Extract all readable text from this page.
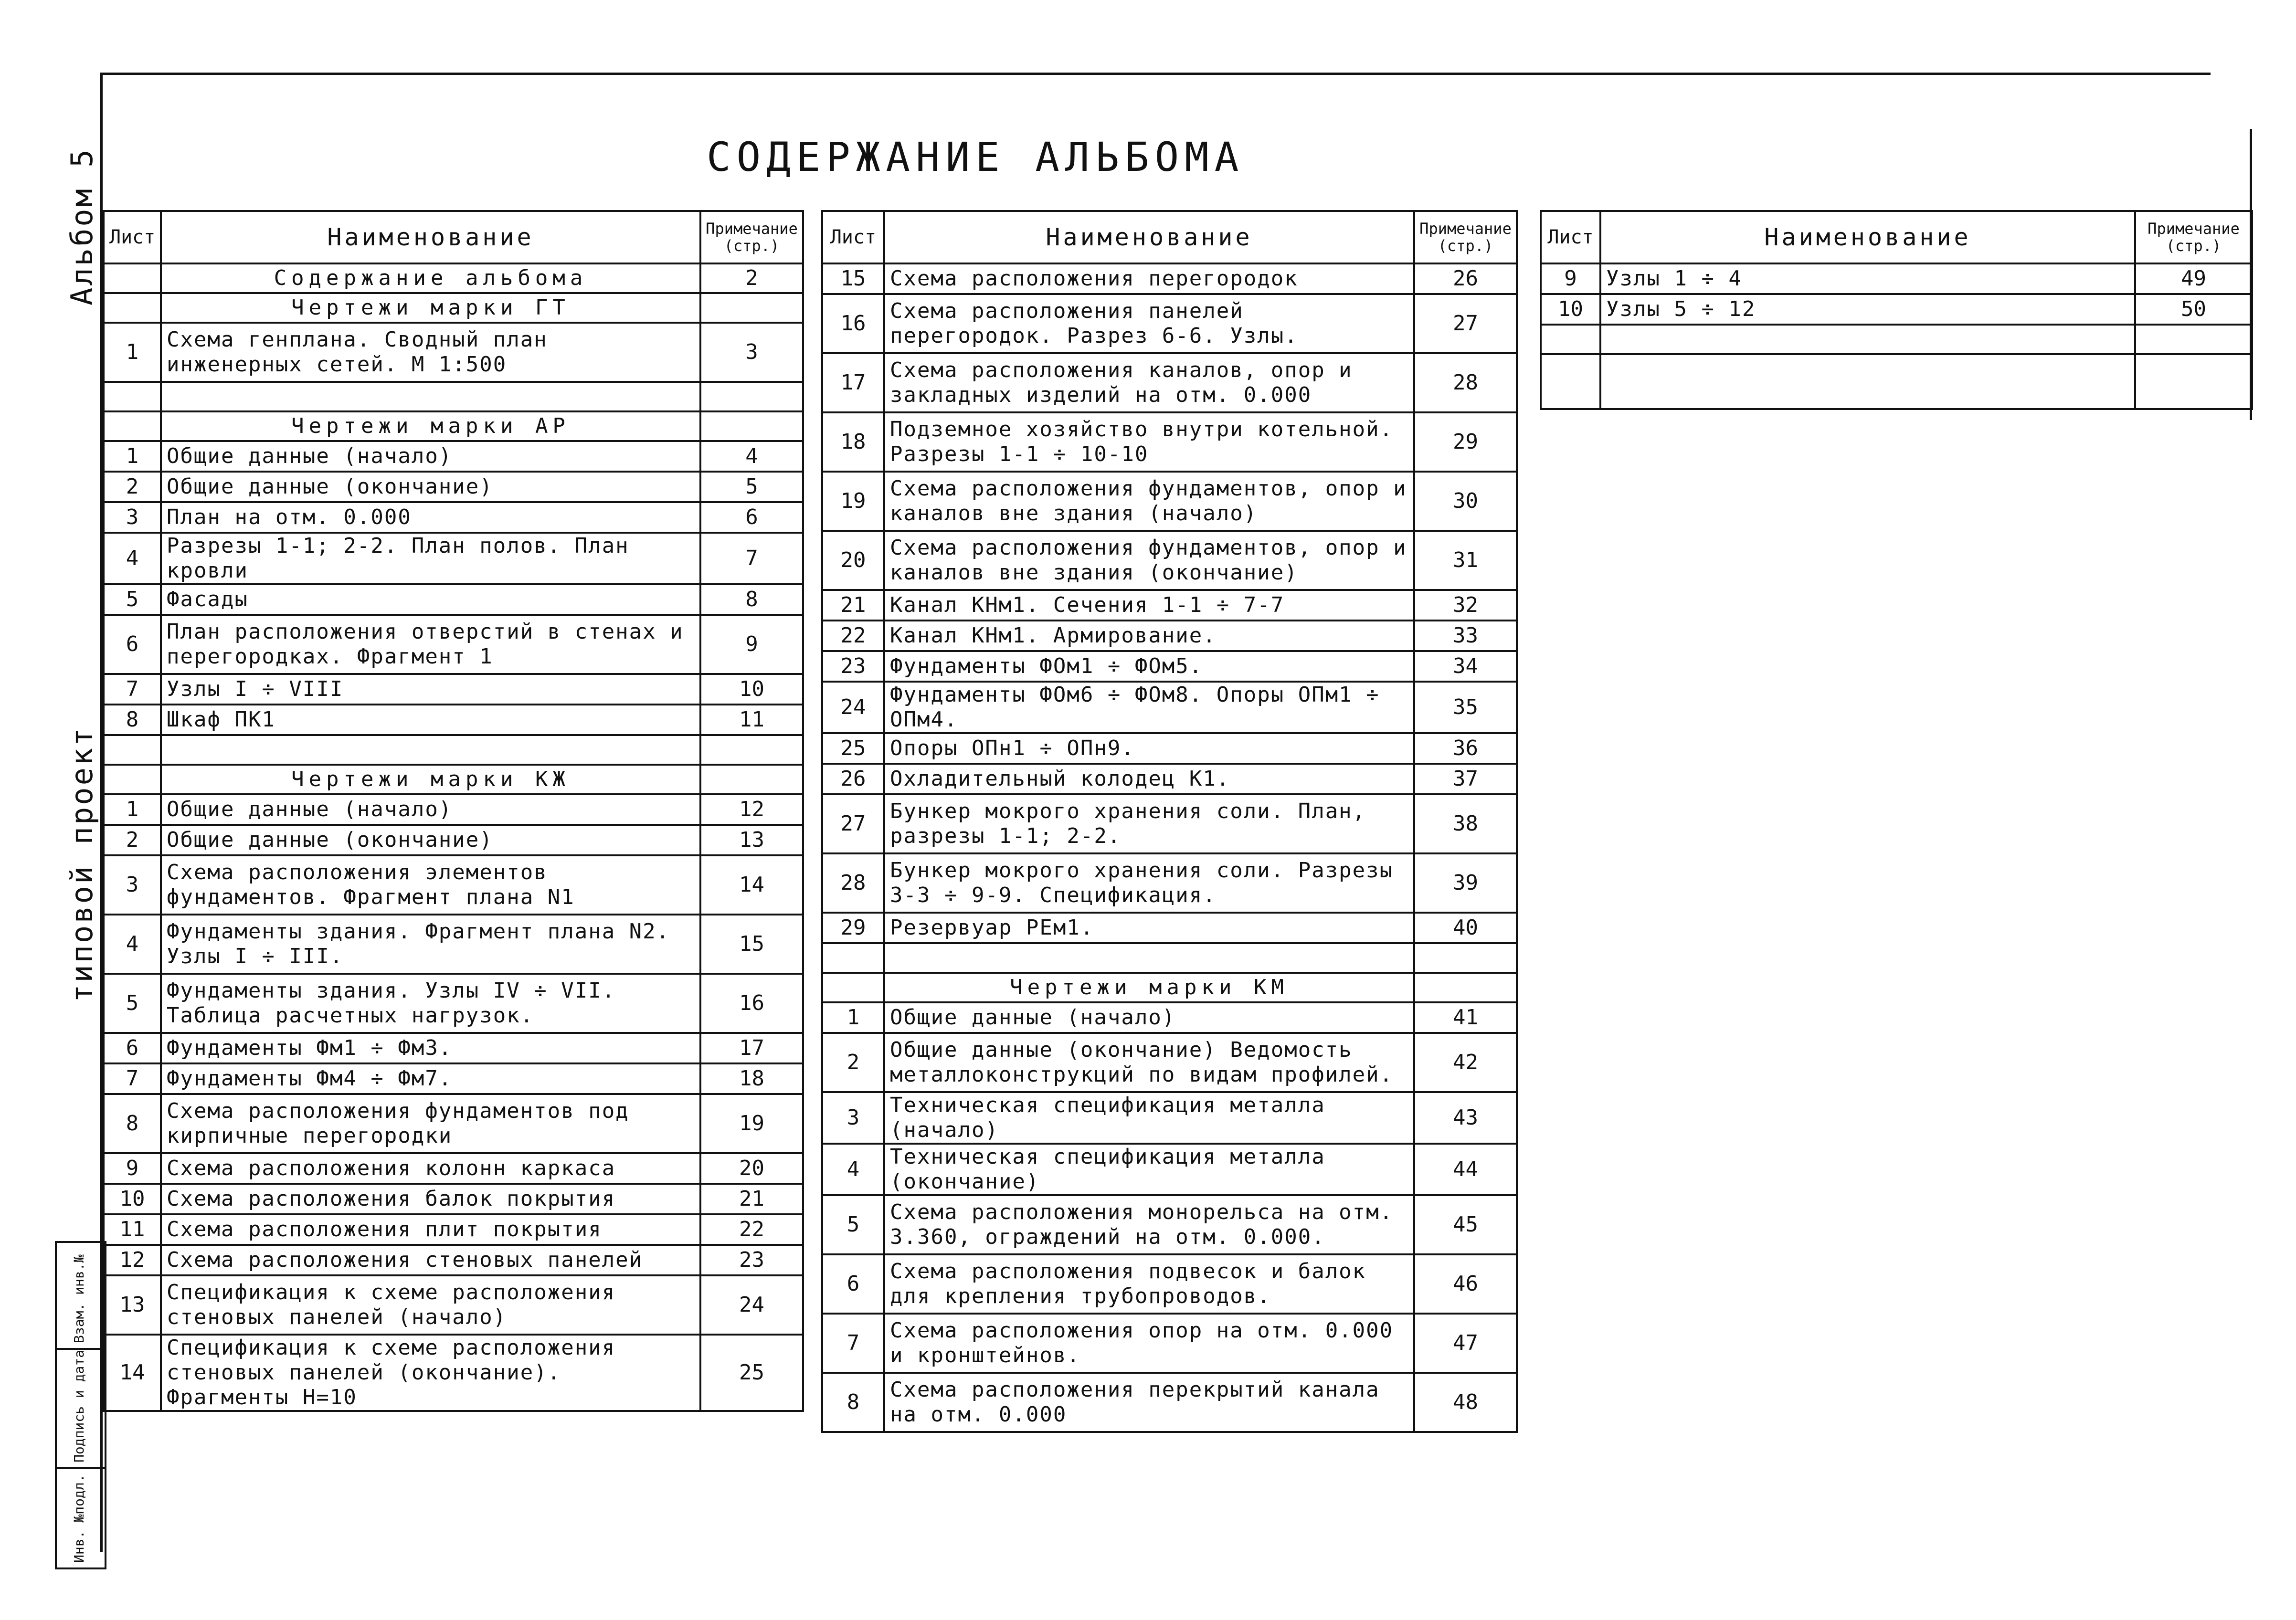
СОДЕРЖАНИЕ АЛЬБОМА
Альбом 5
типовой проект
Инв. №подл.
Подпись и дата
Взам. инв.№
Лист	Наименование	Примечание (стр.)
	Содержание альбома	2
	Чертежи марки ГТ	
1	Схема генплана. Сводный план инженерных сетей. М 1:500	3

	Чертежи марки АР	
1	Общие данные (начало)	4
2	Общие данные (окончание)	5
3	План на отм. 0.000	6
4	Разрезы 1-1; 2-2. План полов. План кровли	7
5	Фасады	8
6	План расположения отверстий в стенах и перегородках. Фрагмент 1	9
7	Узлы I ÷ VIII	10
8	Шкаф ПК1	11

	Чертежи марки КЖ	
1	Общие данные (начало)	12
2	Общие данные (окончание)	13
3	Схема расположения элементов фундаментов. Фрагмент плана N1	14
4	Фундаменты здания. Фрагмент плана N2. Узлы I ÷ III.	15
5	Фундаменты здания. Узлы IV ÷ VII. Таблица расчетных нагрузок.	16
6	Фундаменты Фм1 ÷ Фм3.	17
7	Фундаменты Фм4 ÷ Фм7.	18
8	Схема расположения фундаментов под кирпичные перегородки	19
9	Схема расположения колонн каркаса	20
10	Схема расположения балок покрытия	21
11	Схема расположения плит покрытия	22
12	Схема расположения стеновых панелей	23
13	Спецификация к схеме расположения стеновых панелей (начало)	24
14	Спецификация к схеме расположения стеновых панелей (окончание). Фрагменты Н=10	25
Лист	Наименование	Примечание (стр.)
15	Схема расположения перегородок	26
16	Схема расположения панелей перегородок. Разрез 6-6. Узлы.	27
17	Схема расположения каналов, опор и закладных изделий на отм. 0.000	28
18	Подземное хозяйство внутри котельной. Разрезы 1-1 ÷ 10-10	29
19	Схема расположения фундаментов, опор и каналов вне здания (начало)	30
20	Схема расположения фундаментов, опор и каналов вне здания (окончание)	31
21	Канал КНм1. Сечения 1-1 ÷ 7-7	32
22	Канал КНм1. Армирование.	33
23	Фундаменты ФОм1 ÷ ФОм5.	34
24	Фундаменты ФОм6 ÷ ФОм8. Опоры ОПм1 ÷ ОПм4.	35
25	Опоры ОПн1 ÷ ОПн9.	36
26	Охладительный колодец К1.	37
27	Бункер мокрого хранения соли. План, разрезы 1-1; 2-2.	38
28	Бункер мокрого хранения соли. Разрезы 3-3 ÷ 9-9. Спецификация.	39
29	Резервуар РЕм1.	40

	Чертежи марки КМ	
1	Общие данные (начало)	41
2	Общие данные (окончание) Ведомость металлоконструкций по видам профилей.	42
3	Техническая спецификация металла (начало)	43
4	Техническая спецификация металла (окончание)	44
5	Схема расположения монорельса на отм. 3.360, ограждений на отм. 0.000.	45
6	Схема расположения подвесок и балок для крепления трубопроводов.	46
7	Схема расположения опор на отм. 0.000 и кронштейнов.	47
8	Схема расположения перекрытий канала на отм. 0.000	48
Лист	Наименование	Примечание (стр.)
9	Узлы 1 ÷ 4	49
10	Узлы 5 ÷ 12	50
